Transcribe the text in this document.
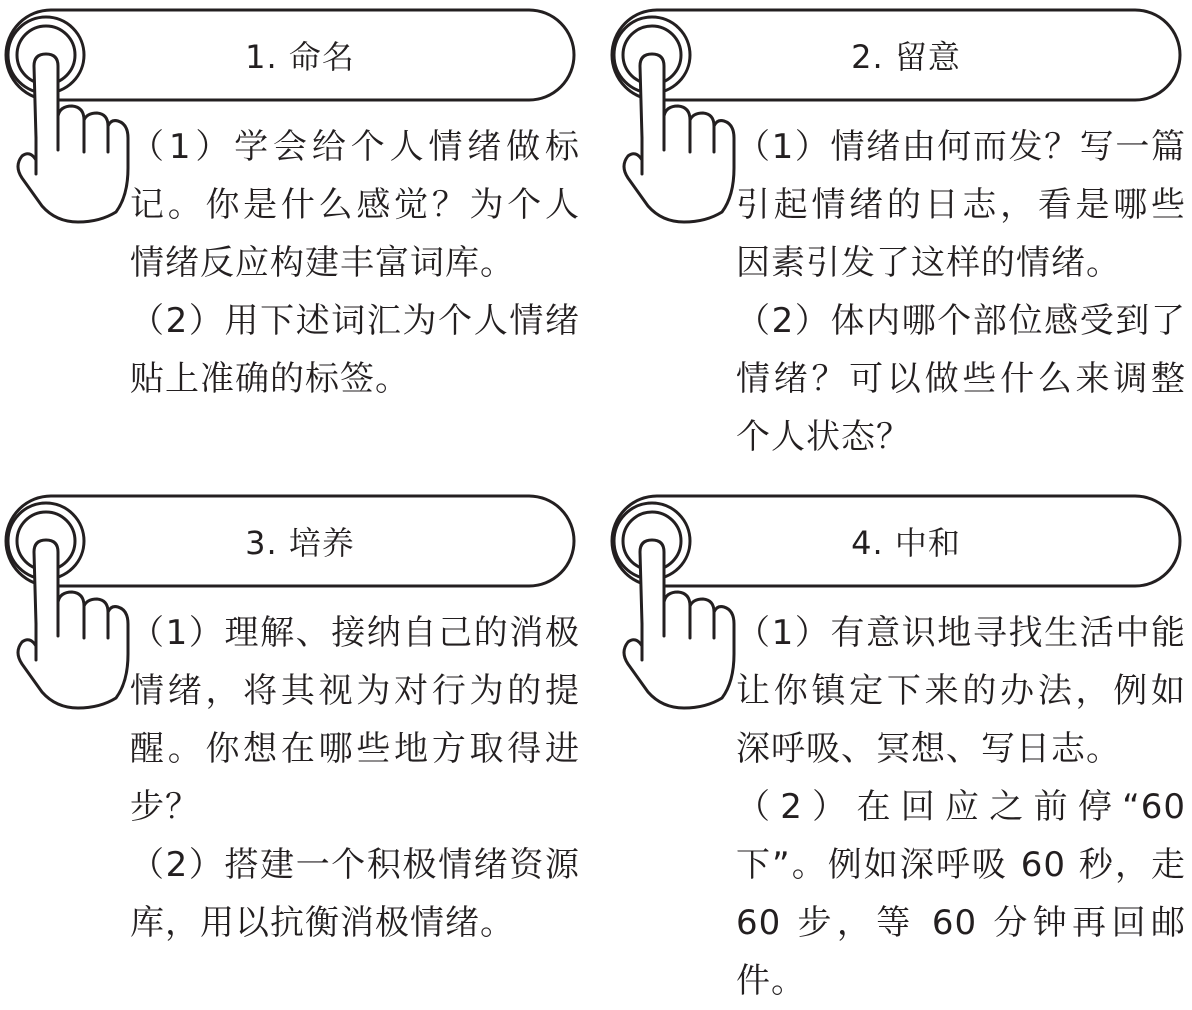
1. 命名

（1）学会给个人情绪做标记。你是什么感觉？为个人情绪反应构建丰富词库。

（2）用下述词汇为个人情绪贴上准确的标签。

2. 留意

（1）情绪由何而发？写一篇引起情绪的日志，看是哪些因素引发了这样的情绪。

（2）体内哪个部位感受到了情绪？可以做些什么来调整个人状态？

3. 培养

（1）理解、接纳自己的消极情绪，将其视为对行为的提醒。你想在哪些地方取得进步？

（2）搭建一个积极情绪资源库，用以抗衡消极情绪。

4. 中和

（1）有意识地寻找生活中能让你镇定下来的办法，例如深呼吸、冥想、写日志。

（2）在回应之前停“60 下”。例如深呼吸 60 秒，走 60 步，等 60 分钟再回邮件。
